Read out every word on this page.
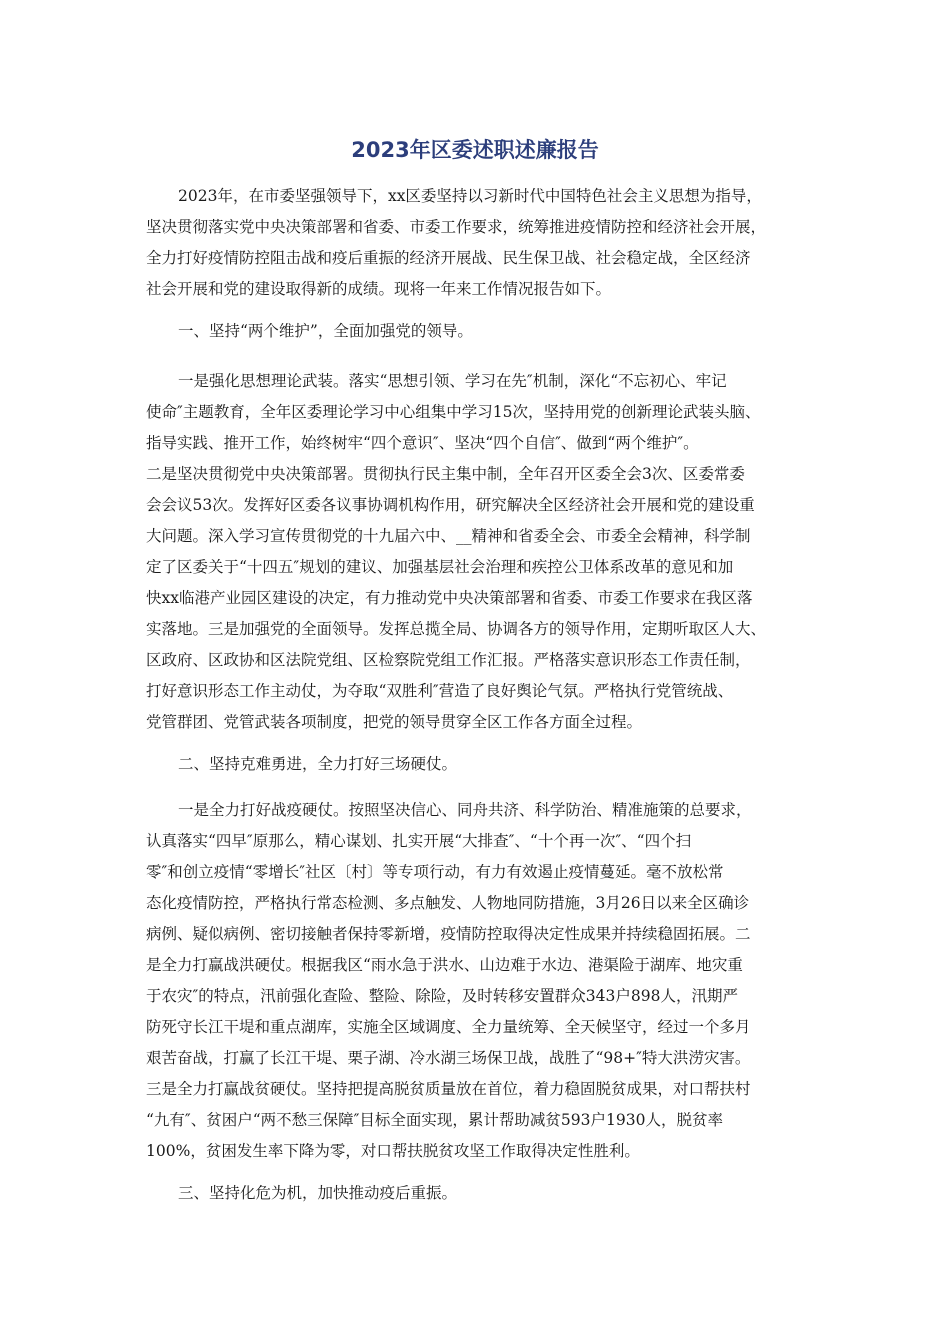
2023年区委述职述廉报告
2023年，在市委坚强领导下，xx区委坚持以习新时代中国特色社会主义思想为指导，
坚决贯彻落实党中央决策部署和省委、市委工作要求，统筹推进疫情防控和经济社会开展，
全力打好疫情防控阻击战和疫后重振的经济开展战、民生保卫战、社会稳定战，全区经济
社会开展和党的建设取得新的成绩。现将一年来工作情况报告如下。
一、坚持“两个维护”，全面加强党的领导。
一是强化思想理论武装。落实“思想引领、学习在先″机制，深化“不忘初心、牢记
使命″主题教育，全年区委理论学习中心组集中学习15次，坚持用党的创新理论武装头脑、
指导实践、推开工作，始终树牢“四个意识″、坚决“四个自信″、做到“两个维护″。
二是坚决贯彻党中央决策部署。贯彻执行民主集中制，全年召开区委全会3次、区委常委
会会议53次。发挥好区委各议事协调机构作用，研究解决全区经济社会开展和党的建设重
大问题。深入学习宣传贯彻党的十九届六中、__精神和省委全会、市委全会精神，科学制
定了区委关于“十四五″规划的建议、加强基层社会治理和疾控公卫体系改革的意见和加
快xx临港产业园区建设的决定，有力推动党中央决策部署和省委、市委工作要求在我区落
实落地。三是加强党的全面领导。发挥总揽全局、协调各方的领导作用，定期听取区人大、
区政府、区政协和区法院党组、区检察院党组工作汇报。严格落实意识形态工作责任制，
打好意识形态工作主动仗，为夺取“双胜利″营造了良好舆论气氛。严格执行党管统战、
党管群团、党管武装各项制度，把党的领导贯穿全区工作各方面全过程。
二、坚持克难勇进，全力打好三场硬仗。
一是全力打好战疫硬仗。按照坚决信心、同舟共济、科学防治、精准施策的总要求，
认真落实“四早″原那么，精心谋划、扎实开展“大排查″、“十个再一次″、“四个扫
零″和创立疫情“零增长″社区〔村〕等专项行动，有力有效遏止疫情蔓延。毫不放松常
态化疫情防控，严格执行常态检测、多点触发、人物地同防措施，3月26日以来全区确诊
病例、疑似病例、密切接触者保持零新增，疫情防控取得决定性成果并持续稳固拓展。二
是全力打赢战洪硬仗。根据我区“雨水急于洪水、山边难于水边、港渠险于湖库、地灾重
于农灾″的特点，汛前强化查险、整险、除险，及时转移安置群众343户898人，汛期严
防死守长江干堤和重点湖库，实施全区域调度、全力量统筹、全天候坚守，经过一个多月
艰苦奋战，打赢了长江干堤、栗子湖、冷水湖三场保卫战，战胜了“98+″特大洪涝灾害。
三是全力打赢战贫硬仗。坚持把提高脱贫质量放在首位，着力稳固脱贫成果，对口帮扶村
“九有″、贫困户“两不愁三保障″目标全面实现，累计帮助减贫593户1930人，脱贫率
100%，贫困发生率下降为零，对口帮扶脱贫攻坚工作取得决定性胜利。
三、坚持化危为机，加快推动疫后重振。
